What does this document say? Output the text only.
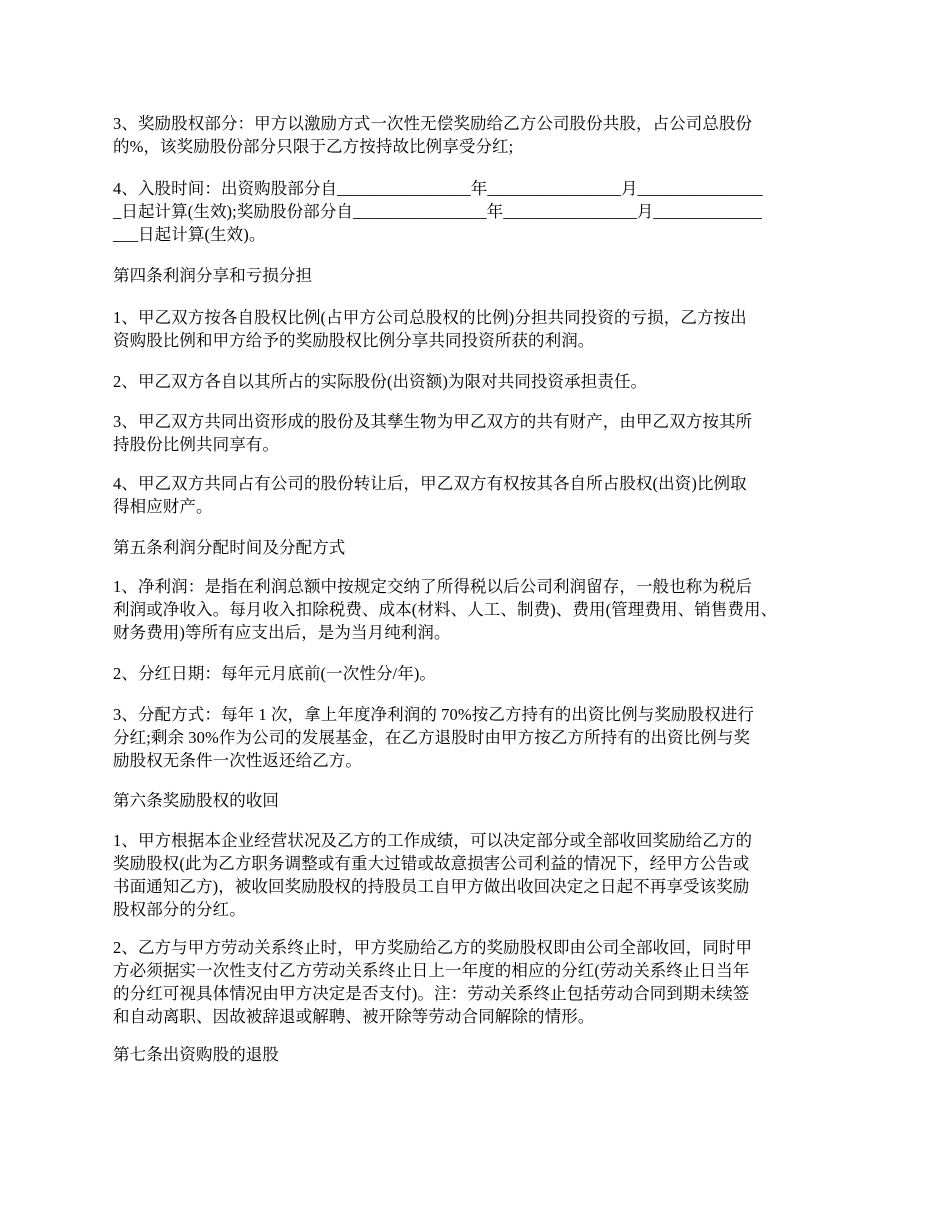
3、奖励股权部分：甲方以激励方式一次性无偿奖励给乙方公司股份共股，占公司总股份
的%，该奖励股份部分只限于乙方按持故比例享受分红;
4、入股时间：出资购股部分自________________年________________月_______________
_日起计算(生效);奖励股份部分自________________年________________月_____________
___日起计算(生效)。
第四条利润分享和亏损分担
1、甲乙双方按各自股权比例(占甲方公司总股权的比例)分担共同投资的亏损，乙方按出
资购股比例和甲方给予的奖励股权比例分享共同投资所获的利润。
2、甲乙双方各自以其所占的实际股份(出资额)为限对共同投资承担责任。
3、甲乙双方共同出资形成的股份及其孳生物为甲乙双方的共有财产，由甲乙双方按其所
持股份比例共同享有。
4、甲乙双方共同占有公司的股份转让后，甲乙双方有权按其各自所占股权(出资)比例取
得相应财产。
第五条利润分配时间及分配方式
1、净利润：是指在利润总额中按规定交纳了所得税以后公司利润留存，一般也称为税后
利润或净收入。每月收入扣除税费、成本(材料、人工、制费)、费用(管理费用、销售费用、
财务费用)等所有应支出后，是为当月纯利润。
2、分红日期：每年元月底前(一次性分/年)。
3、分配方式：每年 1 次，拿上年度净利润的 70%按乙方持有的出资比例与奖励股权进行
分红;剩余 30%作为公司的发展基金，在乙方退股时由甲方按乙方所持有的出资比例与奖
励股权无条件一次性返还给乙方。
第六条奖励股权的收回
1、甲方根据本企业经营状况及乙方的工作成绩，可以决定部分或全部收回奖励给乙方的
奖励股权(此为乙方职务调整或有重大过错或故意损害公司利益的情况下，经甲方公告或
书面通知乙方)，被收回奖励股权的持股员工自甲方做出收回决定之日起不再享受该奖励
股权部分的分红。
2、乙方与甲方劳动关系终止时，甲方奖励给乙方的奖励股权即由公司全部收回，同时甲
方必须据实一次性支付乙方劳动关系终止日上一年度的相应的分红(劳动关系终止日当年
的分红可视具体情况由甲方决定是否支付)。注：劳动关系终止包括劳动合同到期未续签
和自动离职、因故被辞退或解聘、被开除等劳动合同解除的情形。
第七条出资购股的退股
